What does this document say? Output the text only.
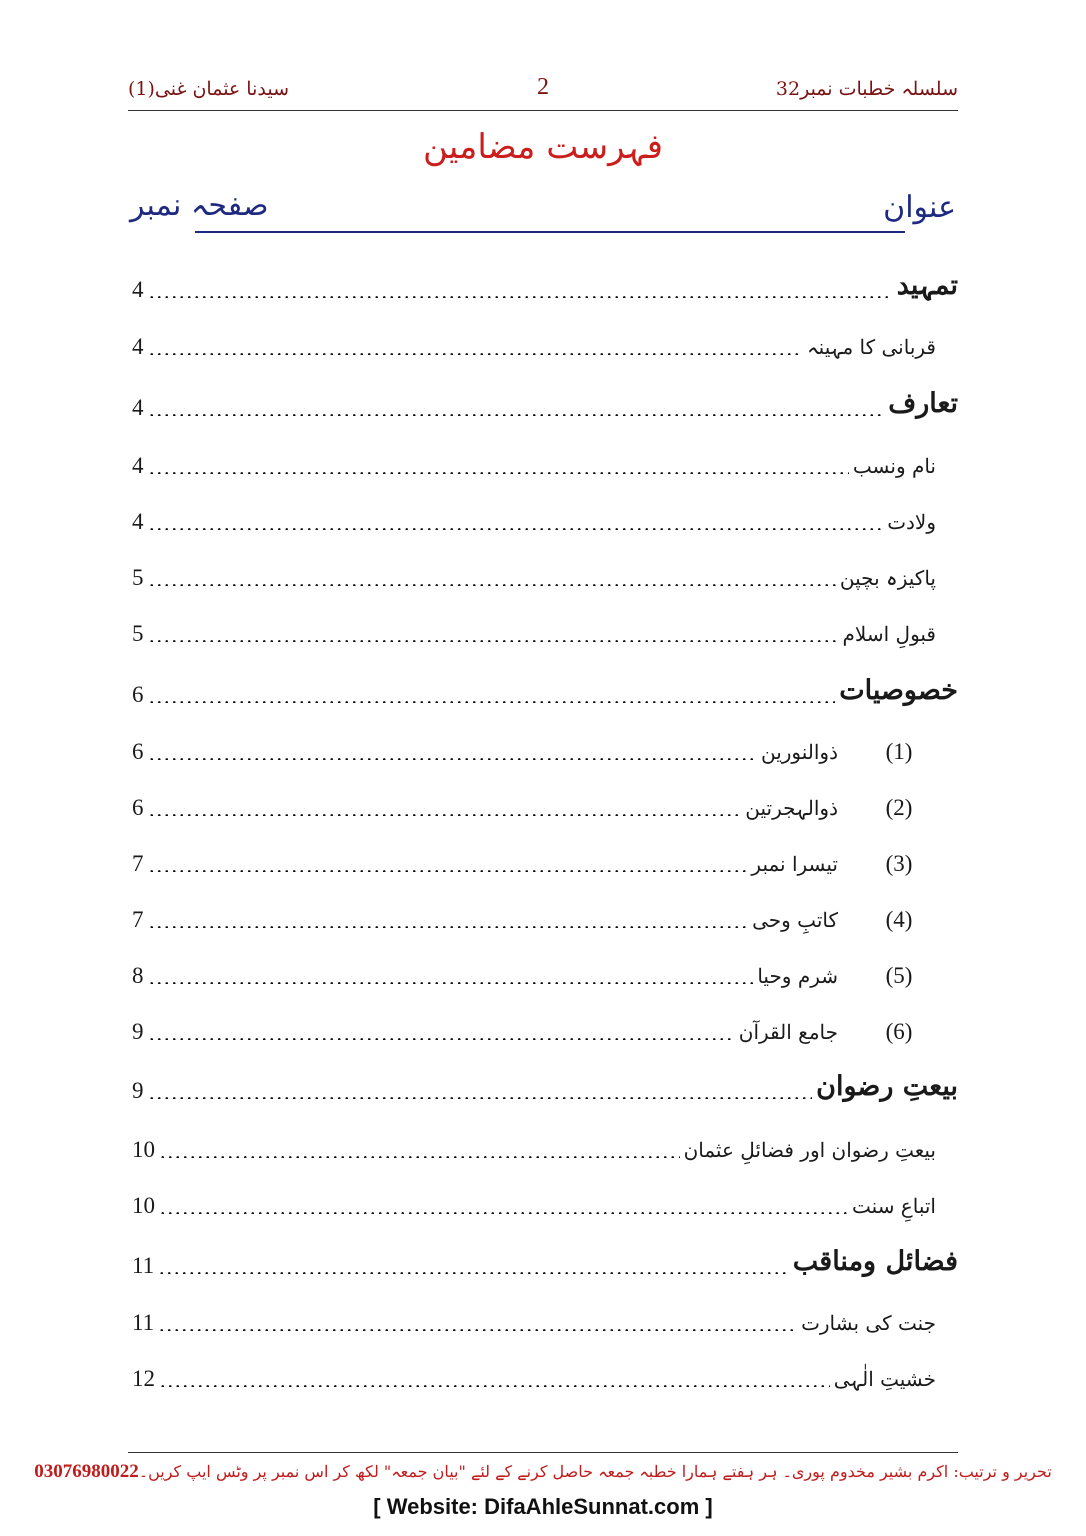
سلسلہ خطبات نمبر32
2
سیدنا عثمان غنی(1)
فہرست مضامین
عنوان
صفحہ نمبر
4	تمہید
4	قربانی کا مہینہ
4	تعارف
4	نام ونسب
4	ولادت
5	پاکیزہ بچپن
5	قبولِ اسلام
6	خصوصیات
6	ذوالنورین	(1)
6	ذوالہجرتین	(2)
7	تیسرا نمبر	(3)
7	کاتبِ وحی	(4)
8	شرم وحیا	(5)
9	جامع القرآن	(6)
9	بیعتِ رضوان
10	بیعتِ رضوان اور فضائلِ عثمان
10	اتباعِ سنت
11	فضائل ومناقب
11	جنت کی بشارت
12	خشیتِ الٰہی
تحریر و ترتیب: اکرم بشیر مخدوم پوری۔ ہر ہفتے ہمارا خطبہ جمعہ حاصل کرنے کے لئے "بیان جمعہ" لکھ کر اس نمبر پر وٹس ایپ کریں۔03076980022
[ Website: DifaAhleSunnat.com ]
